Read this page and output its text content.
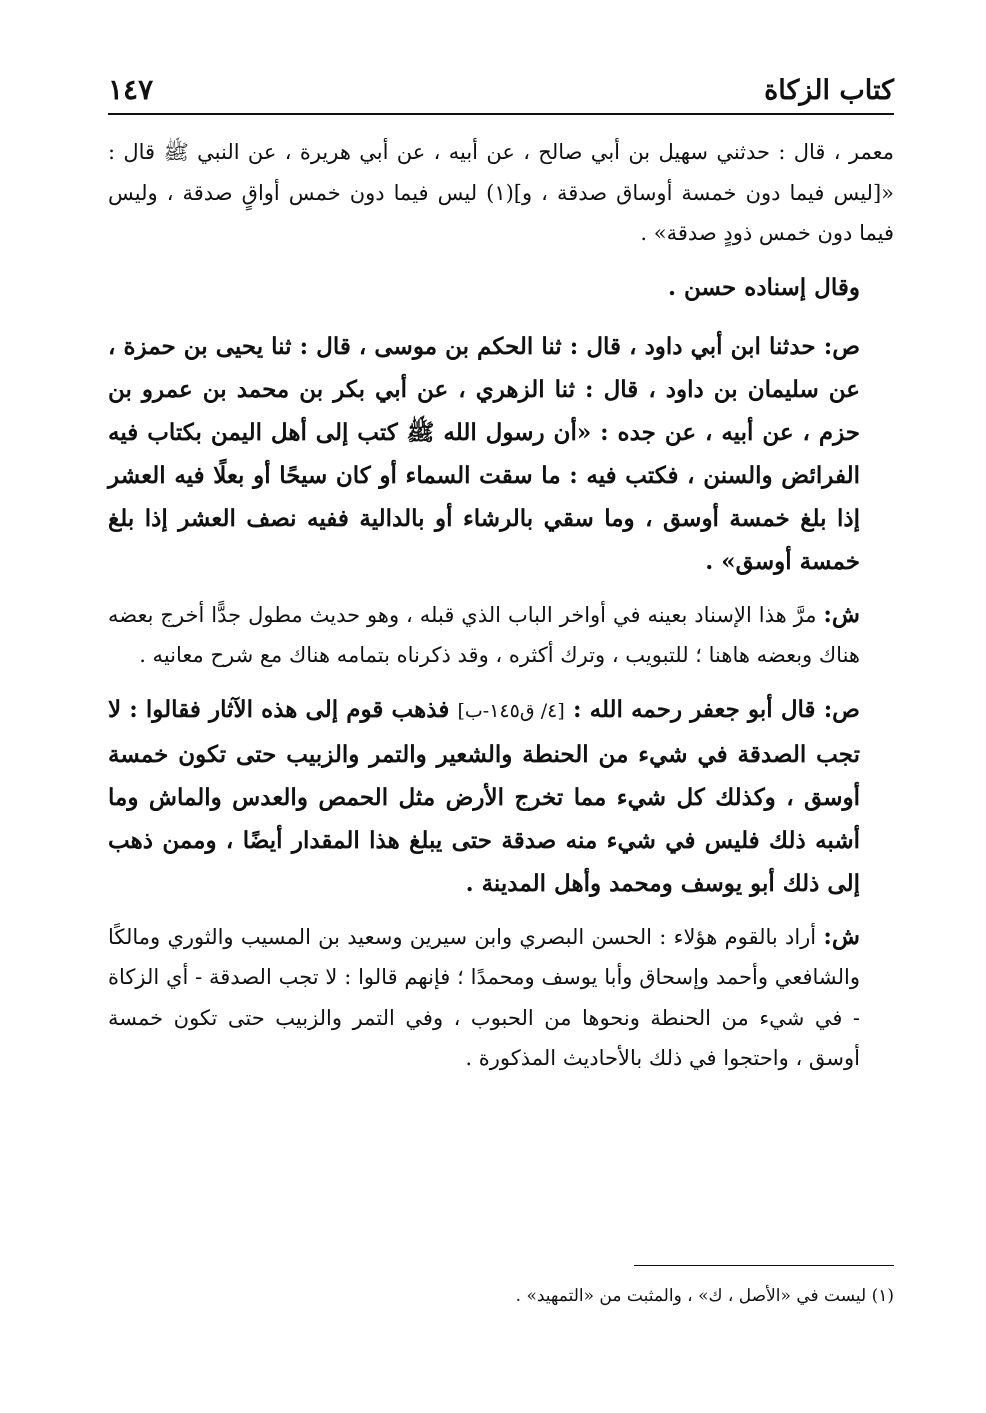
كتاب الزكاة
١٤٧

معمر ، قال : حدثني سهيل بن أبي صالح ، عن أبيه ، عن أبي هريرة ، عن النبي ﷺ قال : «[ليس فيما دون خمسة أوساق صدقة ، و](١) ليس فيما دون خمس أواقٍ صدقة ، وليس فيما دون خمس ذودٍ صدقة» .

وقال إسناده حسن .

ص: حدثنا ابن أبي داود ، قال : ثنا الحكم بن موسى ، قال : ثنا يحيى بن حمزة ، عن سليمان بن داود ، قال : ثنا الزهري ، عن أبي بكر بن محمد بن عمرو بن حزم ، عن أبيه ، عن جده : «أن رسول الله ﷺ كتب إلى أهل اليمن بكتاب فيه الفرائض والسنن ، فكتب فيه : ما سقت السماء أو كان سيحًا أو بعلًا فيه العشر إذا بلغ خمسة أوسق ، وما سقي بالرشاء أو بالدالية ففيه نصف العشر إذا بلغ خمسة أوسق» .

ش: مرَّ هذا الإسناد بعينه في أواخر الباب الذي قبله ، وهو حديث مطول جدًّا أخرج بعضه هناك وبعضه هاهنا ؛ للتبويب ، وترك أكثره ، وقد ذكرناه بتمامه هناك مع شرح معانيه .

ص: قال أبو جعفر رحمه الله : [٤/ ق١٤٥-ب] فذهب قوم إلى هذه الآثار فقالوا : لا تجب الصدقة في شيء من الحنطة والشعير والتمر والزبيب حتى تكون خمسة أوسق ، وكذلك كل شيء مما تخرج الأرض مثل الحمص والعدس والماش وما أشبه ذلك فليس في شيء منه صدقة حتى يبلغ هذا المقدار أيضًا ، وممن ذهب إلى ذلك أبو يوسف ومحمد وأهل المدينة .

ش: أراد بالقوم هؤلاء : الحسن البصري وابن سيرين وسعيد بن المسيب والثوري ومالكًا والشافعي وأحمد وإسحاق وأبا يوسف ومحمدًا ؛ فإنهم قالوا : لا تجب الصدقة - أي الزكاة - في شيء من الحنطة ونحوها من الحبوب ، وفي التمر والزبيب حتى تكون خمسة أوسق ، واحتجوا في ذلك بالأحاديث المذكورة .

(١) ليست في «الأصل ، ك» ، والمثبت من «التمهيد» .
